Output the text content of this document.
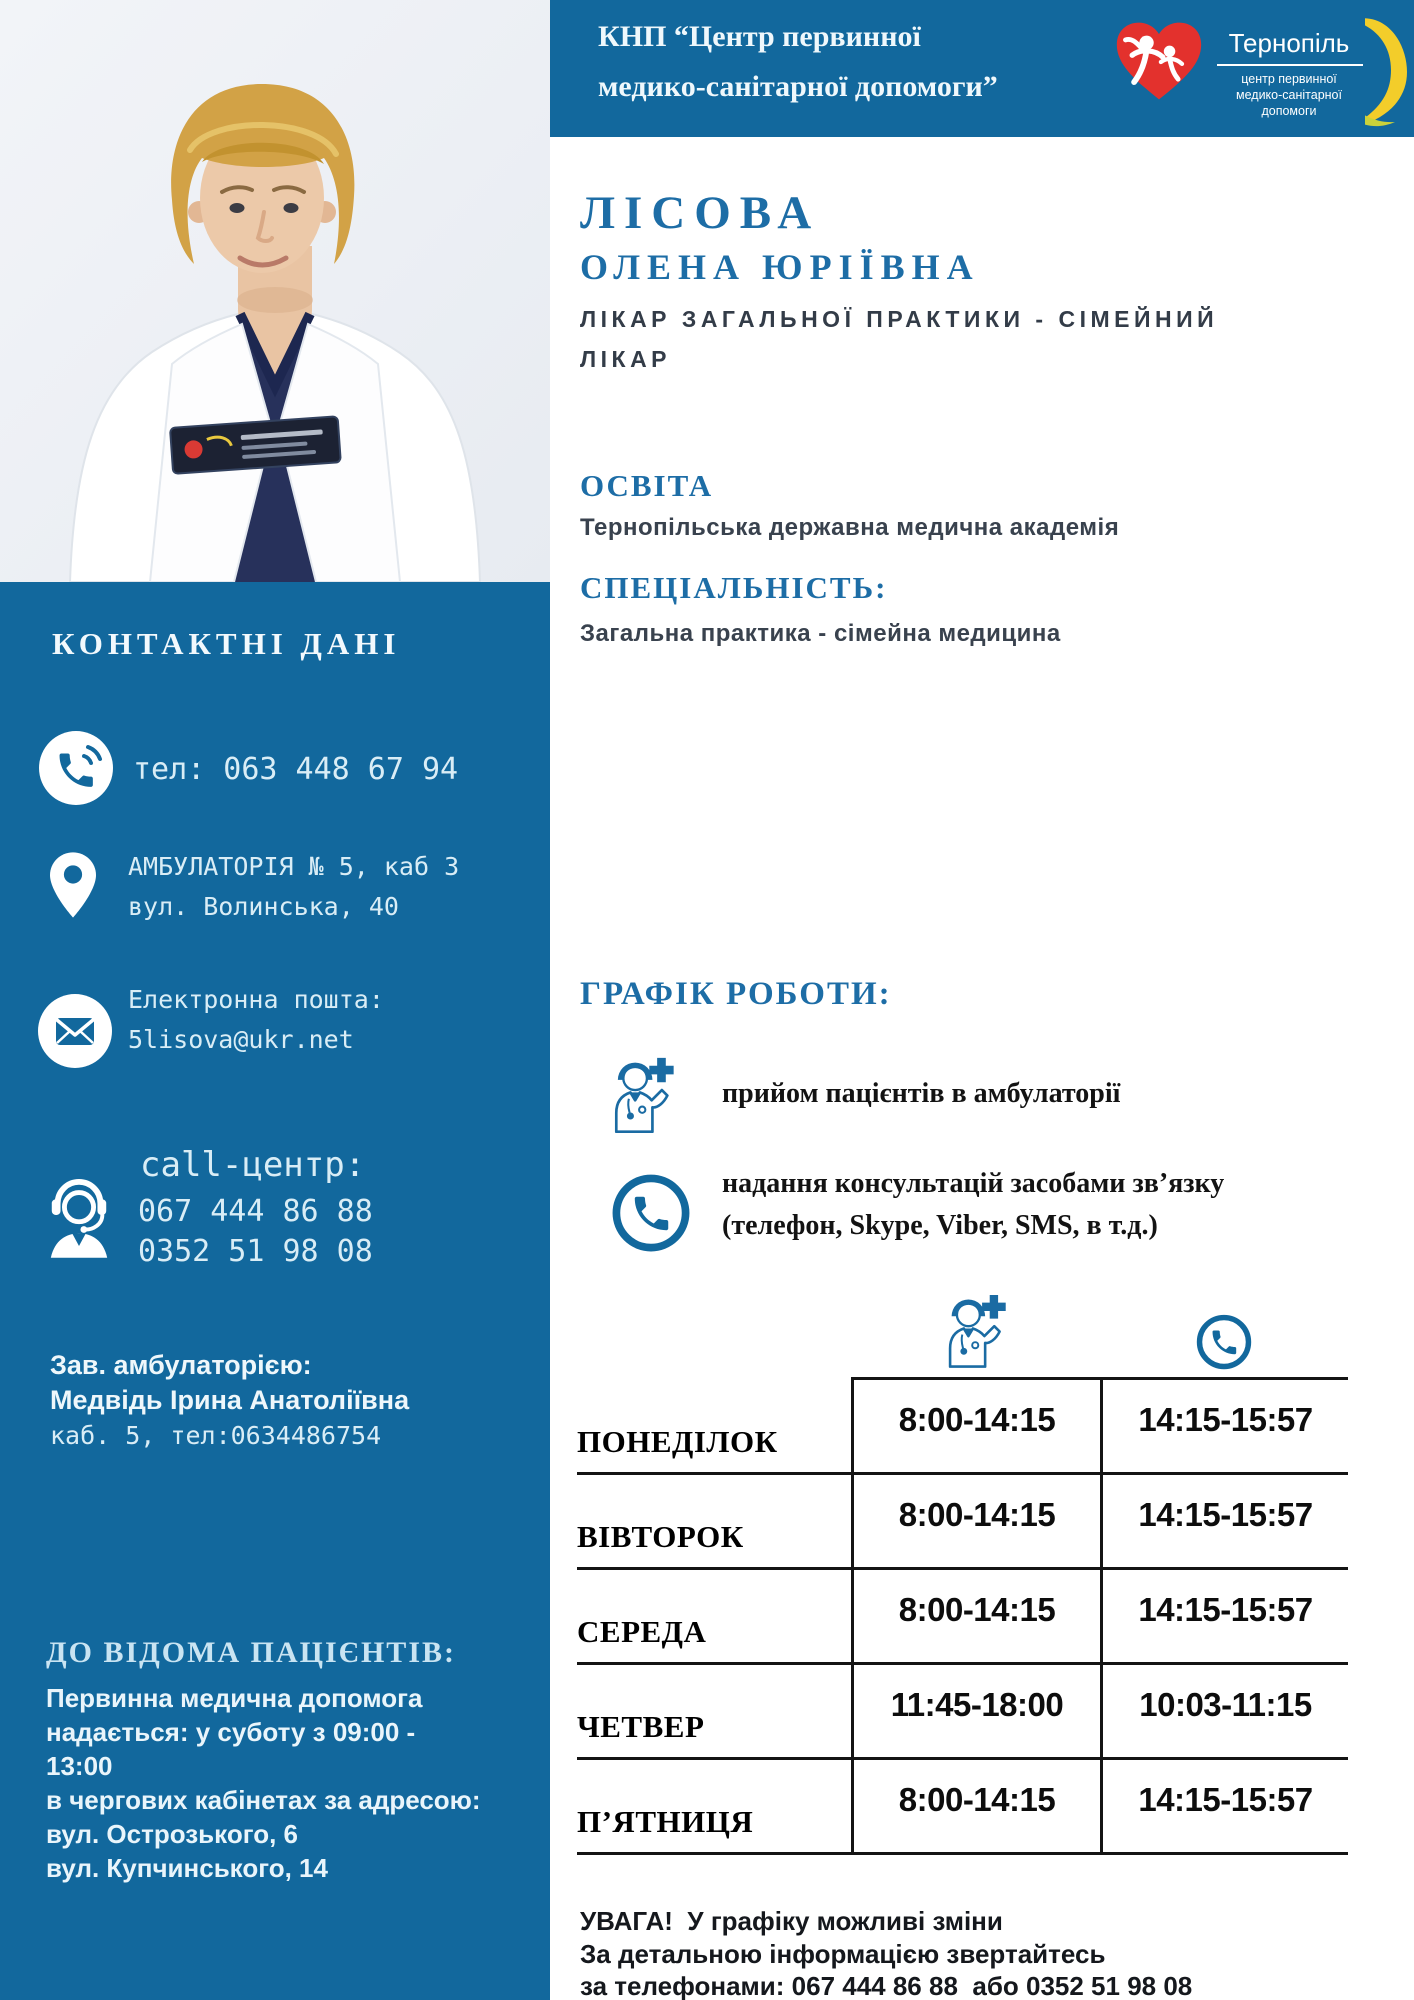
КОНТАКТНІ ДАНІ
тел: 063 448 67 94
АМБУЛАТОРІЯ № 5, каб 3
вул. Волинська, 40
Електронна пошта:
5lisova@ukr.net
call-центр:
067 444 86 88
0352 51 98 08
Зав. амбулаторією:
Медвідь Ірина Анатоліївна
каб. 5, тел:0634486754
ДО ВІДОМА ПАЦІЄНТІВ:
Первинна медична допомога
надається: у суботу з 09:00 -
13:00
в чергових кабінетах за адресою:
вул. Острозького, 6
вул. Купчинського, 14
КНП “Центр первинної
медико-санітарної допомоги”
Тернопіль
центр первинної
медико-санітарної
допомоги
ЛІСОВА
ОЛЕНА ЮРІЇВНА
ЛІКАР ЗАГАЛЬНОЇ ПРАКТИКИ - СІМЕЙНИЙ
ЛІКАР
ОСВІТА
Тернопільська державна медична академія
СПЕЦІАЛЬНІСТЬ:
Загальна практика - сімейна медицина
ГРАФІК РОБОТИ:
прийом пацієнтів в амбулаторії
надання консультацій засобами зв’язку
(телефон, Skype, Viber, SMS, в т.д.)
ПОНЕДІЛОК
8:00-14:15	14:15-15:57
ВІВТОРОК
8:00-14:15	14:15-15:57
СЕРЕДА
8:00-14:15	14:15-15:57
ЧЕТВЕР
11:45-18:00 10:03-11:15
П’ЯТНИЦЯ
8:00-14:15	14:15-15:57
УВАГА!  У графіку можливі зміни
За детальною інформацією звертайтесь
за телефонами: 067 444 86 88  або 0352 51 98 08
